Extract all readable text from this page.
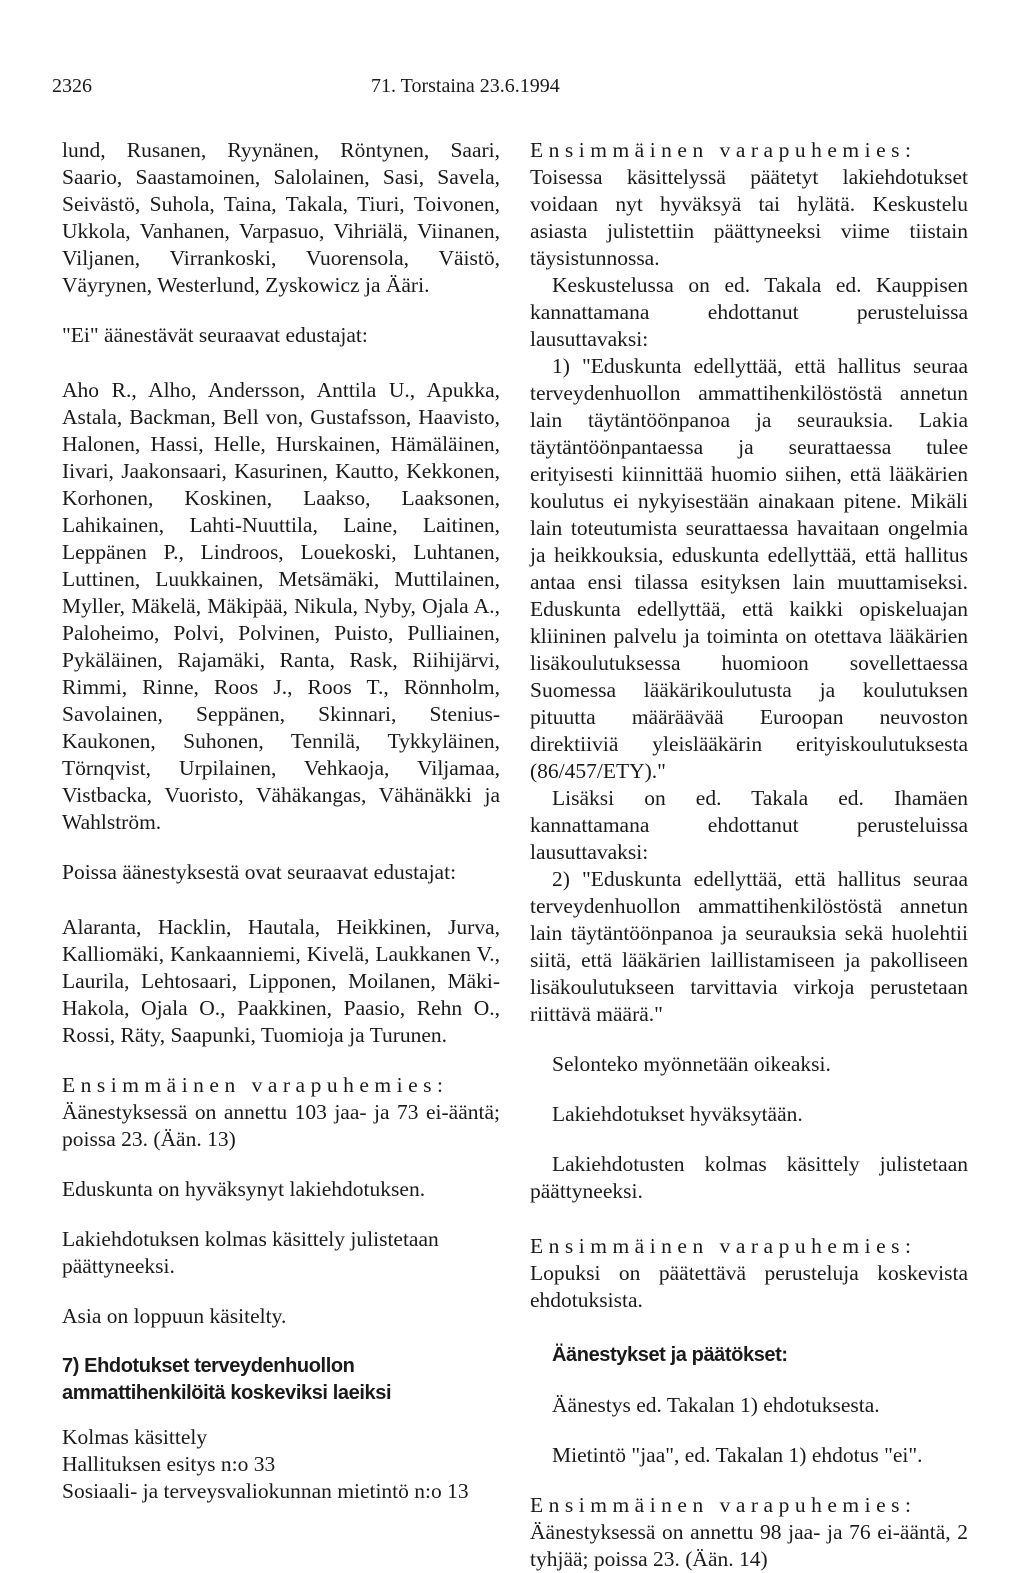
2326	71. Torstaina 23.6.1994

lund, Rusanen, Ryynänen, Röntynen, Saari, Saario, Saastamoinen, Salolainen, Sasi, Savela, Seivästö, Suhola, Taina, Takala, Tiuri, Toivonen, Ukkola, Vanhanen, Varpasuo, Vihriälä, Viinanen, Viljanen, Virrankoski, Vuorensola, Väistö, Väyrynen, Westerlund, Zyskowicz ja Ääri.

"Ei" äänestävät seuraavat edustajat:

Aho R., Alho, Andersson, Anttila U., Apukka, Astala, Backman, Bell von, Gustafsson, Haavisto, Halonen, Hassi, Helle, Hurskainen, Hämäläinen, Iivari, Jaakonsaari, Kasurinen, Kautto, Kekkonen, Korhonen, Koskinen, Laakso, Laaksonen, Lahikainen, Lahti-Nuuttila, Laine, Laitinen, Leppänen P., Lindroos, Louekoski, Luhtanen, Luttinen, Luukkainen, Metsämäki, Muttilainen, Myller, Mäkelä, Mäkipää, Nikula, Nyby, Ojala A., Paloheimo, Polvi, Polvinen, Puisto, Pulliainen, Pykäläinen, Rajamäki, Ranta, Rask, Riihijärvi, Rimmi, Rinne, Roos J., Roos T., Rönnholm, Savolainen, Seppänen, Skinnari, Stenius-Kaukonen, Suhonen, Tennilä, Tykkyläinen, Törnqvist, Urpilainen, Vehkaoja, Viljamaa, Vistbacka, Vuoristo, Vähäkangas, Vähänäkki ja Wahlström.

Poissa äänestyksestä ovat seuraavat edustajat:

Alaranta, Hacklin, Hautala, Heikkinen, Jurva, Kalliomäki, Kankaanniemi, Kivelä, Laukkanen V., Laurila, Lehtosaari, Lipponen, Moilanen, Mäki-Hakola, Ojala O., Paakkinen, Paasio, Rehn O., Rossi, Räty, Saapunki, Tuomioja ja Turunen.

Ensimmäinen varapuhemies:

Äänestyksessä on annettu 103 jaa- ja 73 ei-ääntä; poissa 23. (Ään. 13)

Eduskunta on hyväksynyt lakiehdotuksen.

Lakiehdotuksen kolmas käsittely julistetaan päättyneeksi.

Asia on loppuun käsitelty.

7) Ehdotukset terveydenhuollon ammattihenkilöitä koskeviksi laeiksi

Kolmas käsittely
Hallituksen esitys n:o 33
Sosiaali- ja terveysvaliokunnan mietintö n:o 13

Ensimmäinen varapuhemies:

Toisessa käsittelyssä päätetyt lakiehdotukset voidaan nyt hyväksyä tai hylätä. Keskustelu asiasta julistettiin päättyneeksi viime tiistain täysistunnossa.

Keskustelussa on ed. Takala ed. Kauppisen kannattamana ehdottanut perusteluissa lausuttavaksi:

1) "Eduskunta edellyttää, että hallitus seuraa terveydenhuollon ammattihenkilöstöstä annetun lain täytäntöönpanoa ja seurauksia. Lakia täytäntöönpantaessa ja seurattaessa tulee erityisesti kiinnittää huomio siihen, että lääkärien koulutus ei nykyisestään ainakaan pitene. Mikäli lain toteutumista seurattaessa havaitaan ongelmia ja heikkouksia, eduskunta edellyttää, että hallitus antaa ensi tilassa esityksen lain muuttamiseksi. Eduskunta edellyttää, että kaikki opiskeluajan kliininen palvelu ja toiminta on otettava lääkärien lisäkoulutuksessa huomioon sovellettaessa Suomessa lääkärikoulutusta ja koulutuksen pituutta määräävää Euroopan neuvoston direktiiviä yleislääkärin erityiskoulutuksesta (86/457/ETY)."

Lisäksi on ed. Takala ed. Ihamäen kannattamana ehdottanut perusteluissa lausuttavaksi:

2) "Eduskunta edellyttää, että hallitus seuraa terveydenhuollon ammattihenkilöstöstä annetun lain täytäntöönpanoa ja seurauksia sekä huolehtii siitä, että lääkärien laillistamiseen ja pakolliseen lisäkoulutukseen tarvittavia virkoja perustetaan riittävä määrä."

Selonteko myönnetään oikeaksi.

Lakiehdotukset hyväksytään.

Lakiehdotusten kolmas käsittely julistetaan päättyneeksi.

Ensimmäinen varapuhemies:

Lopuksi on päätettävä perusteluja koskevista ehdotuksista.

Äänestykset ja päätökset:

Äänestys ed. Takalan 1) ehdotuksesta.

Mietintö "jaa", ed. Takalan 1) ehdotus "ei".

Ensimmäinen varapuhemies:

Äänestyksessä on annettu 98 jaa- ja 76 ei-ääntä, 2 tyhjää; poissa 23. (Ään. 14)
